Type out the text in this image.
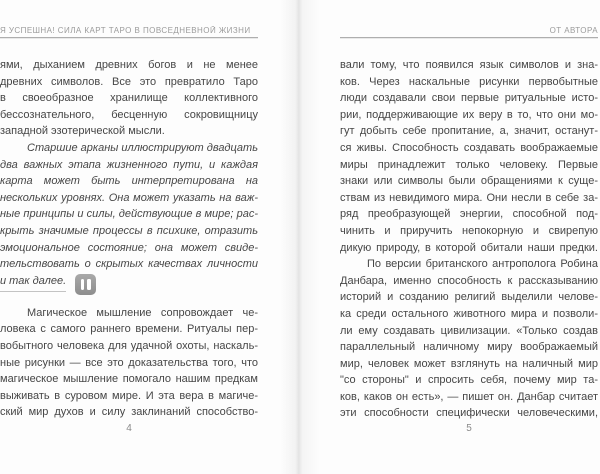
Я УСПЕШНА! СИЛА КАРТ ТАРО В ПОВСЕДНЕВНОЙ ЖИЗНИ
ями, дыханием древних богов и не менее
древних символов. Все это превратило Таро
в своеобразное хранилище коллективного
бессознательного, бесценную сокровищницу
западной эзотерической мысли.
Старшие арканы иллюстрируют двадцать
два важных этапа жизненного пути, и каждая
карта может быть интерпретирована на
нескольких уровнях. Она может указать на важ-
ные принципы и силы, действующие в мире; рас-
крыть значимые процессы в психике, отразить
эмоциональное состояние; она может свиде-
тельствовать о скрытых качествах личности
и так далее.
Магическое мышление сопровождает че-
ловека с самого раннего времени. Ритуалы пер-
вобытного человека для удачной охоты, наскаль-
ные рисунки — все это доказательства того, что
магическое мышление помогало нашим предкам
выживать в суровом мире. И эта вера в магиче-
ский мир духов и силу заклинаний способство-
4
ОТ АВТОРА
вали тому, что появился язык символов и зна-
ков. Через наскальные рисунки первобытные
люди создавали свои первые ритуальные исто-
рии, поддерживающие их веру в то, что они мо-
гут добыть себе пропитание, а, значит, останут-
ся живы. Способность создавать воображаемые
миры принадлежит только человеку. Первые
знаки или символы были обращениями к суще-
ствам из невидимого мира. Они несли в себе за-
ряд преобразующей энергии, способной под-
чинить и приручить непокорную и свирепую
дикую природу, в которой обитали наши предки.
По версии британского антрополога Робина
Данбара, именно способность к рассказыванию
историй и созданию религий выделили челове-
ка среди остального животного мира и позволи-
ли ему создавать цивилизации. «Только создав
параллельный наличному миру воображаемый
мир, человек может взглянуть на наличный мир
"со стороны" и спросить себя, почему мир та-
ков, каков он есть», — пишет он. Данбар считает
эти способности специфически человеческими,
5
